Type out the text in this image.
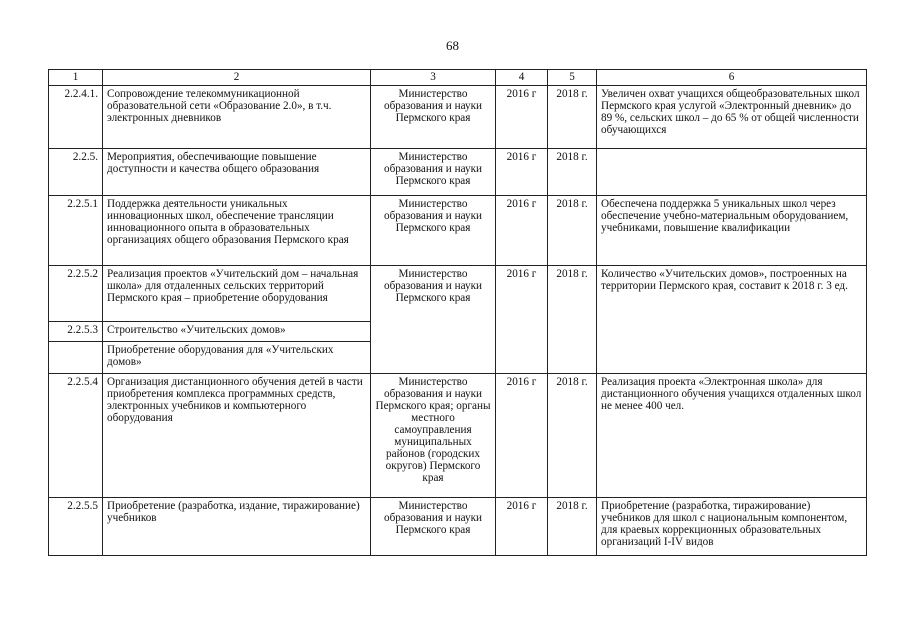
68
1	2	3	4	5	6
2.2.4.1.	Сопровождение телекоммуникационной образовательной сети «Образование 2.0», в т.ч. электронных дневников	Министерство образования и науки Пермского края	2016 г	2018 г.	Увеличен охват учащихся общеобразовательных школ Пермского края услугой «Электронный дневник» до 89 %, сельских школ – до 65 % от общей численности обучающихся
2.2.5.	Мероприятия, обеспечивающие повышение доступности и качества общего образования	Министерство образования и науки Пермского края	2016 г	2018 г.	
2.2.5.1	Поддержка деятельности уникальных инновационных школ, обеспечение трансляции инновационного опыта в образовательных организациях общего образования Пермского края	Министерство образования и науки Пермского края	2016 г	2018 г.	Обеспечена поддержка 5 уникальных школ через обеспечение учебно-материальным оборудованием, учебниками, повышение квалификации
2.2.5.2	Реализация проектов «Учительский дом – начальная школа» для отдаленных сельских территорий Пермского края – приобретение оборудования	Министерство образования и науки Пермского края	2016 г	2018 г.	Количество «Учительских домов», построенных на территории Пермского края, составит к 2018 г. 3 ед.
2.2.5.3	Строительство «Учительских домов»				
	Приобретение оборудования для «Учительских домов»				
2.2.5.4	Организация дистанционного обучения детей в части приобретения комплекса программных средств, электронных учебников и компьютерного оборудования	Министерство образования и науки Пермского края; органы местного самоуправления муниципальных районов (городских округов) Пермского края	2016 г	2018 г.	Реализация проекта «Электронная школа» для дистанционного обучения учащихся отдаленных школ не менее 400 чел.
2.2.5.5	Приобретение (разработка, издание, тиражирование) учебников	Министерство образования и науки Пермского края	2016 г	2018 г.	Приобретение (разработка, тиражирование) учебников для школ с национальным компонентом, для краевых коррекционных образовательных организаций I-IV видов
